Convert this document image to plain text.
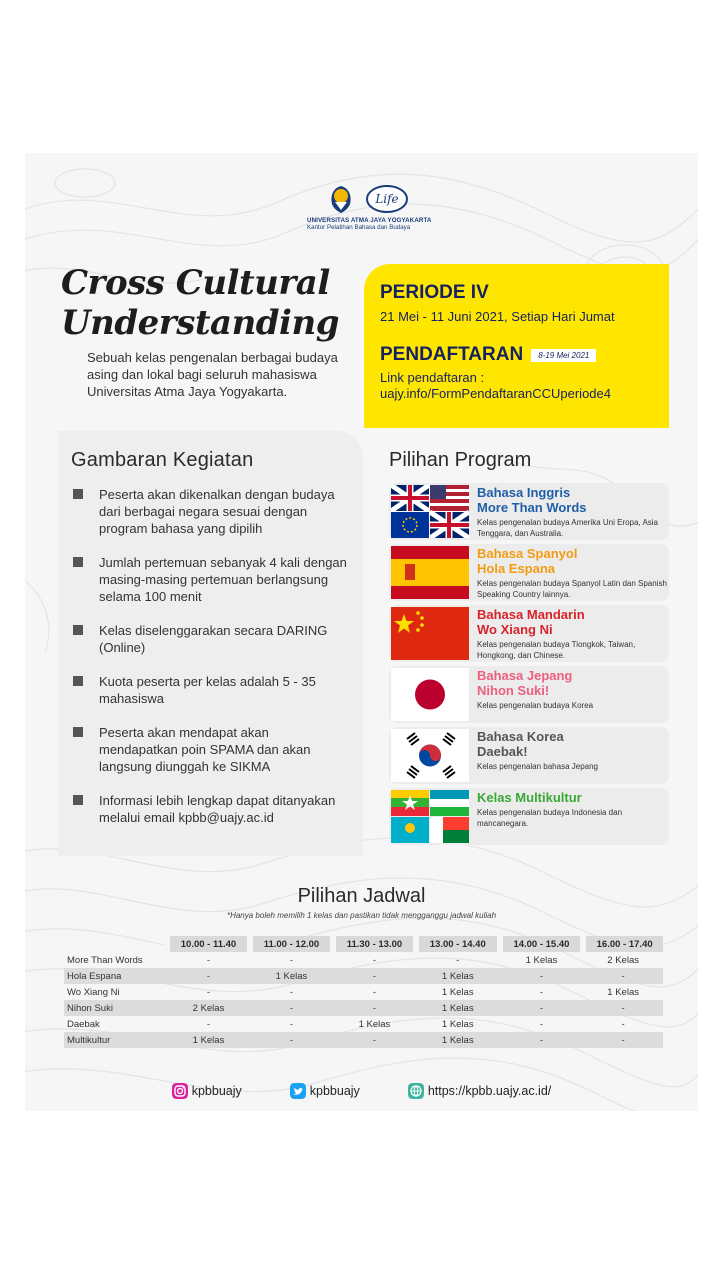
Life
UNIVERSITAS ATMA JAYA YOGYAKARTA
Kantor Pelatihan Bahasa dan Budaya
Cross Cultural
Understanding
Sebuah kelas pengenalan berbagai budaya asing dan lokal bagi seluruh mahasiswa Universitas Atma Jaya Yogyakarta.
PERIODE IV
21 Mei - 11 Juni 2021, Setiap Hari Jumat
PENDAFTARAN	8-19 Mei 2021
Link pendaftaran :
uajy.info/FormPendaftaranCCUperiode4
Gambaran Kegiatan
Peserta akan dikenalkan dengan budaya dari berbagai negara sesuai dengan program bahasa yang dipilih
Jumlah pertemuan sebanyak 4 kali dengan masing-masing pertemuan berlangsung selama 100 menit
Kelas diselenggarakan secara DARING (Online)
Kuota peserta per kelas adalah 5 - 35 mahasiswa
Peserta akan mendapat akan mendapatkan poin SPAMA dan akan langsung diunggah ke SIKMA
Informasi lebih lengkap dapat ditanyakan melalui email kpbb@uajy.ac.id
Pilihan Program
Bahasa Inggris
More Than Words
Kelas pengenalan budaya Amerika Uni Eropa, Asia Tenggara, dan Australia.
Bahasa Spanyol
Hola Espana
Kelas pengenalan budaya Spanyol Latin dan Spanish Speaking Country lainnya.
Bahasa Mandarin
Wo Xiang Ni
Kelas pengenalan budaya Tiongkok, Taiwan, Hongkong, dan Chinese.
Bahasa Jepang
Nihon Suki!
Kelas pengenalan budaya Korea
Bahasa Korea
Daebak!
Kelas pengenalan bahasa Jepang
Kelas Multikultur
Kelas pengenalan budaya Indonesia dan mancanegara.
Pilihan Jadwal
*Hanya boleh memilih 1 kelas dan pastikan tidak mengganggu jadwal kuliah
	10.00 - 11.40	11.00 - 12.00	11.30 - 13.00	13.00 - 14.40	14.00 - 15.40	16.00 - 17.40
More Than Words	-	-	-	-	1 Kelas	2 Kelas
Hola Espana	-	1 Kelas	-	1 Kelas	-	-
Wo Xiang Ni	-	-	-	1 Kelas	-	1 Kelas
Nihon Suki	2 Kelas	-	-	1 Kelas	-	-
Daebak	-	-	1 Kelas	1 Kelas	-	-
Multikultur	1 Kelas	-	-	1 Kelas	-	-
kpbbuajy	kpbbuajy	https://kpbb.uajy.ac.id/
